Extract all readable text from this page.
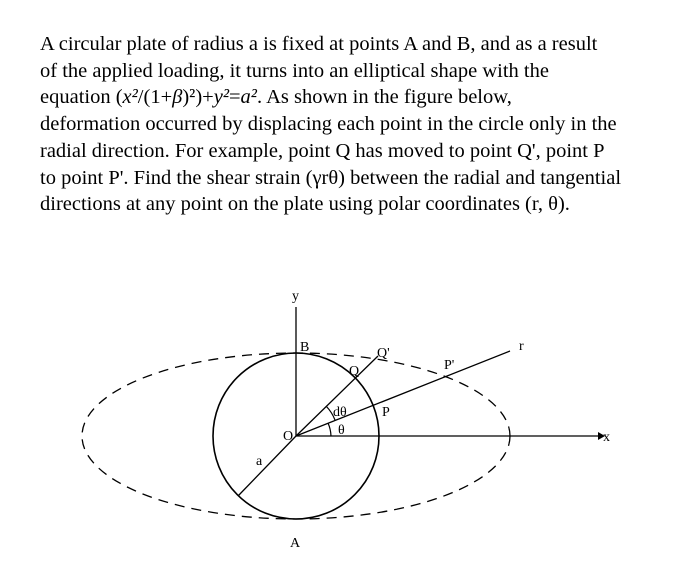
A circular plate of radius a is fixed at points A and B, and as a result
of the applied loading, it turns into an elliptical shape with the
equation (x²/(1+β)²)+y²=a². As shown in the figure below,
deformation occurred by displacing each point in the circle only in the
radial direction. For example, point Q has moved to point Q', point P
to point P'. Find the shear strain (γrθ) between the radial and tangential
directions at any point on the plate using polar coordinates (r, θ).

y
B	Q'
Q	P'
r
dθ	P
O	θ	x
a
A
